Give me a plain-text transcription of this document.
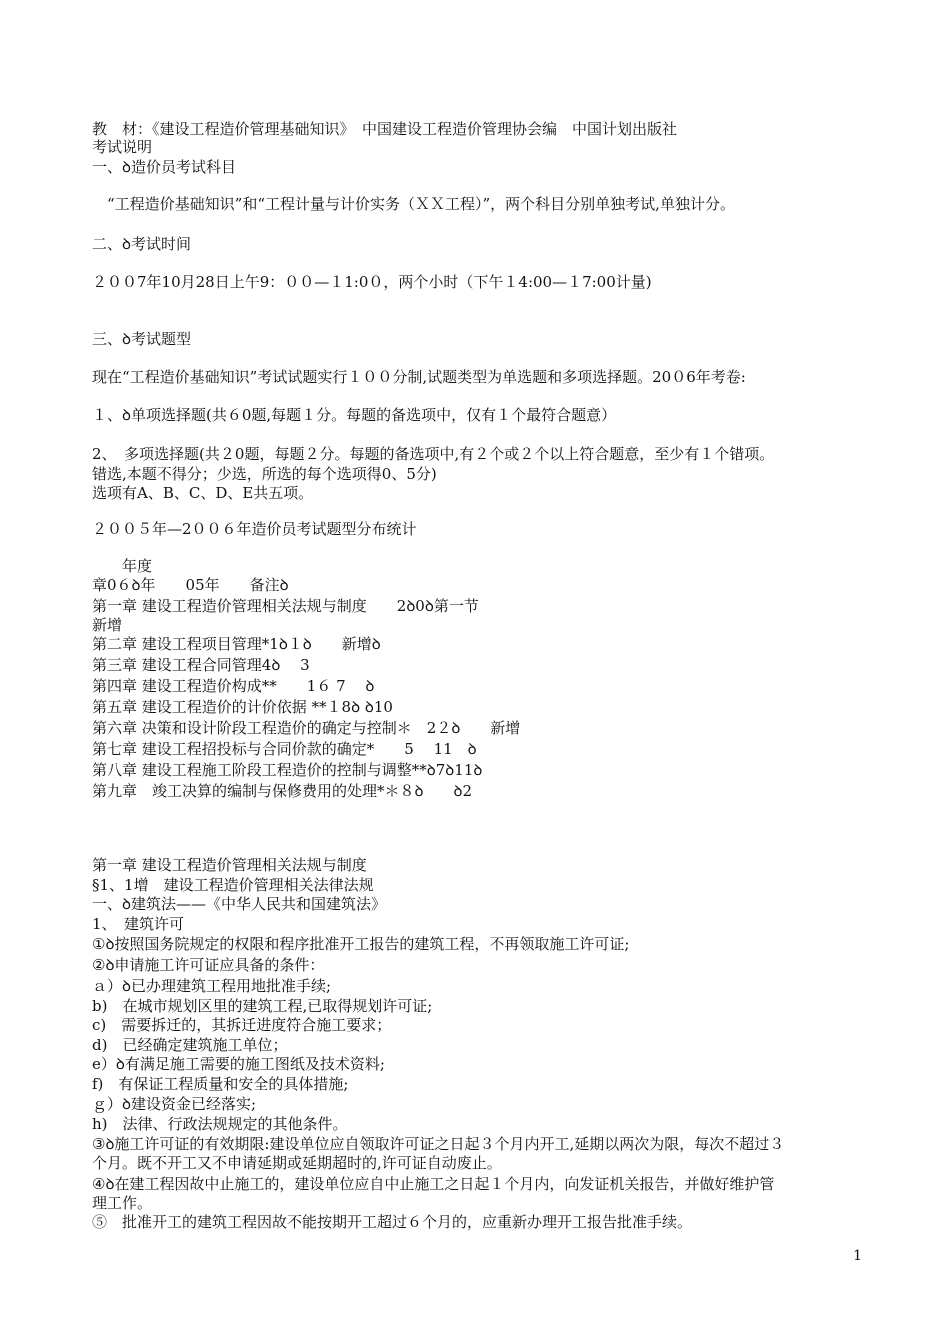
教　材：《建设工程造价管理基础知识》　中国建设工程造价管理协会编　中国计划出版社
考试说明
一、ꝺ造价员考试科目
　“工程造价基础知识”和“工程计量与计价实务（ＸＸ工程）”，两个科目分别单独考试,单独计分。
二、ꝺ考试时间
２００7年10月28日上午9：００—１1:0０，两个小时（下午１4:00—１7:00计量)
三、ꝺ考试题型
现在“工程造价基础知识”考试试题实行１００分制,试题类型为单选题和多项选择题。20０6年考卷:
１、ꝺ单项选择题(共６0题,每题１分。每题的备选项中，仅有１个最符合题意）
2、　多项选择题(共２0题，每题２分。每题的备选项中,有２个或２个以上符合题意，至少有１个错项。
错选,本题不得分；少选，所选的每个选项得0、5分)
选项有A、B、C、D、E共五项。
２００５年—2００６年造价员考试题型分布统计
　　年度
章0６ꝺ年　　05年　　备注ꝺ
第一章 建设工程造价管理相关法规与制度　　2ꝺ0ꝺ第一节
新增
第二章 建设工程项目管理*1ꝺ１ꝺ　　新增ꝺ
第三章 建设工程合同管理4ꝺ　 3
第四章 建设工程造价构成**　　1６ 7　 ꝺ
第五章 建设工程造价的计价依据 **１8ꝺ ꝺ10
第六章 决策和设计阶段工程造价的确定与控制＊　2２ꝺ　　新增
第七章 建设工程招投标与合同价款的确定*　　5　 11　ꝺ
第八章 建设工程施工阶段工程造价的控制与调整**ꝺ7ꝺ11ꝺ
第九章　竣工决算的编制与保修费用的处理*＊８ꝺ　　ꝺ2
第一章 建设工程造价管理相关法规与制度
§1、1增　建设工程造价管理相关法律法规
一、ꝺ建筑法——《中华人民共和国建筑法》
1、　建筑许可
①ꝺ按照国务院规定的权限和程序批准开工报告的建筑工程，不再领取施工许可证;
②ꝺ申请施工许可证应具备的条件：
ａ）ꝺ已办理建筑工程用地批准手续;
b)　在城市规划区里的建筑工程,已取得规划许可证;
c)　需要拆迁的，其拆迁进度符合施工要求；
d)　已经确定建筑施工单位；
e）ꝺ有满足施工需要的施工图纸及技术资料;
f)　有保证工程质量和安全的具体措施;
ｇ）ꝺ建设资金已经落实;
h)　法律、行政法规规定的其他条件。
③ꝺ施工许可证的有效期限:建设单位应自领取许可证之日起３个月内开工,延期以两次为限，每次不超过３
个月。既不开工又不申请延期或延期超时的,许可证自动废止。
④ꝺ在建工程因故中止施工的，建设单位应自中止施工之日起１个月内，向发证机关报告，并做好维护管
理工作。
⑤　批准开工的建筑工程因故不能按期开工超过６个月的，应重新办理开工报告批准手续。
1
